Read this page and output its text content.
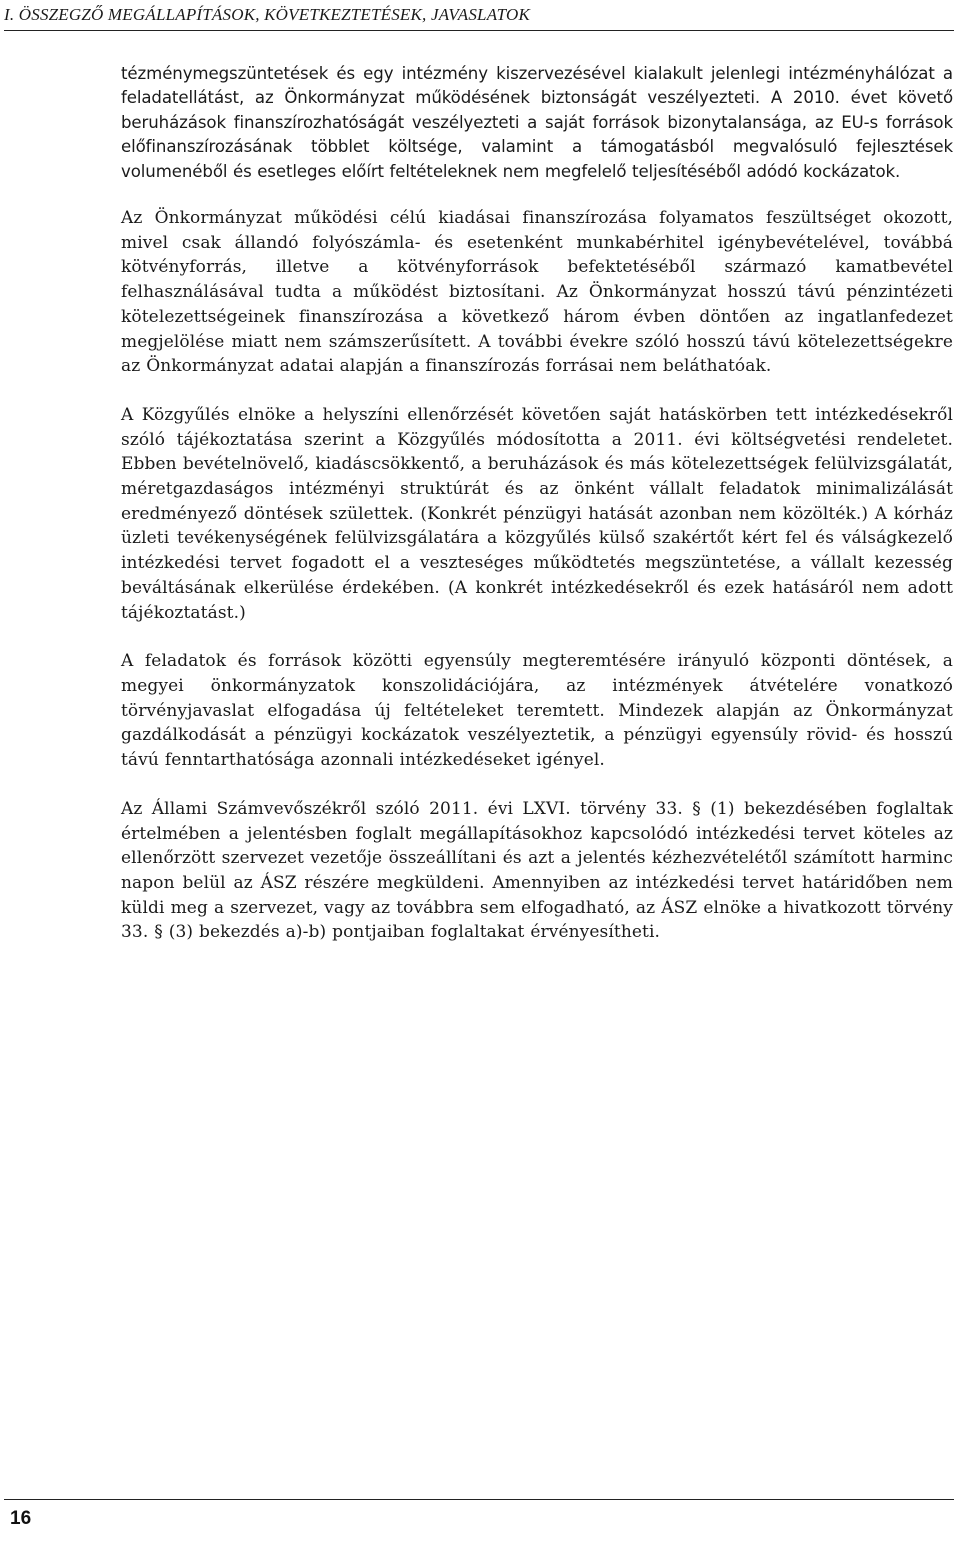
I. ÖSSZEGZŐ MEGÁLLAPÍTÁSOK, KÖVETKEZTETÉSEK, JAVASLATOK

tézménymegszüntetések és egy intézmény kiszervezésével kialakult jelenlegi intézményhálózat a feladatellátást, az Önkormányzat működésének biztonságát veszélyezteti. A 2010. évet követő beruházások finanszírozhatóságát veszélyezteti a saját források bizonytalansága, az EU-s források előfinanszírozásának többlet költsége, valamint a támogatásból megvalósuló fejlesztések volumenéből és esetleges előírt feltételeknek nem megfelelő teljesítéséből adódó kockázatok.

Az Önkormányzat működési célú kiadásai finanszírozása folyamatos feszültséget okozott, mivel csak állandó folyószámla- és esetenként munkabérhitel igénybevételével, továbbá kötvényforrás, illetve a kötvényforrások befektetéséből származó kamatbevétel felhasználásával tudta a működést biztosítani. Az Önkormányzat hosszú távú pénzintézeti kötelezettségeinek finanszírozása a következő három évben döntően az ingatlanfedezet megjelölése miatt nem számszerűsített. A további évekre szóló hosszú távú kötelezettségekre az Önkormányzat adatai alapján a finanszírozás forrásai nem beláthatóak.

A Közgyűlés elnöke a helyszíni ellenőrzését követően saját hatáskörben tett intézkedésekről szóló tájékoztatása szerint a Közgyűlés módosította a 2011. évi költségvetési rendeletet. Ebben bevételnövelő, kiadáscsökkentő, a beruházások és más kötelezettségek felülvizsgálatát, méretgazdaságos intézményi struktúrát és az önként vállalt feladatok minimalizálását eredményező döntések születtek. (Konkrét pénzügyi hatását azonban nem közölték.) A kórház üzleti tevékenységének felülvizsgálatára a közgyűlés külső szakértőt kért fel és válságkezelő intézkedési tervet fogadott el a veszteséges működtetés megszüntetése, a vállalt kezesség beváltásának elkerülése érdekében. (A konkrét intézkedésekről és ezek hatásáról nem adott tájékoztatást.)

A feladatok és források közötti egyensúly megteremtésére irányuló központi döntések, a megyei önkormányzatok konszolidációjára, az intézmények átvételére vonatkozó törvényjavaslat elfogadása új feltételeket teremtett. Mindezek alapján az Önkormányzat gazdálkodását a pénzügyi kockázatok veszélyeztetik, a pénzügyi egyensúly rövid- és hosszú távú fenntarthatósága azonnali intézkedéseket igényel.

Az Állami Számvevőszékről szóló 2011. évi LXVI. törvény 33. § (1) bekezdésében foglaltak értelmében a jelentésben foglalt megállapításokhoz kapcsolódó intézkedési tervet köteles az ellenőrzött szervezet vezetője összeállítani és azt a jelentés kézhezvételétől számított harminc napon belül az ÁSZ részére megküldeni. Amennyiben az intézkedési tervet határidőben nem küldi meg a szervezet, vagy az továbbra sem elfogadható, az ÁSZ elnöke a hivatkozott törvény 33. § (3) bekezdés a)-b) pontjaiban foglaltakat érvényesítheti.

16
